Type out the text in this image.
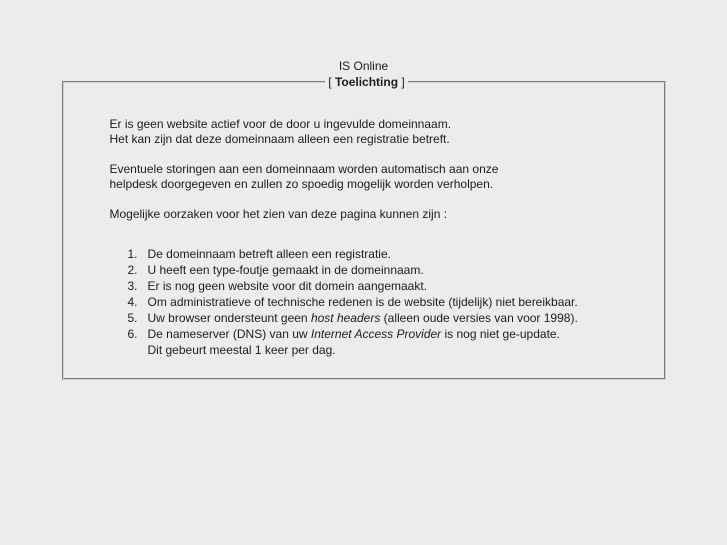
IS Online
[ Toelichting ]
Er is geen website actief voor de door u ingevulde domeinnaam.
Het kan zijn dat deze domeinnaam alleen een registratie betreft.
Eventuele storingen aan een domeinnaam worden automatisch aan onze
helpdesk doorgegeven en zullen zo spoedig mogelijk worden verholpen.
Mogelijke oorzaken voor het zien van deze pagina kunnen zijn :
1. De domeinnaam betreft alleen een registratie.
2. U heeft een type-foutje gemaakt in de domeinnaam.
3. Er is nog geen website voor dit domein aangemaakt.
4. Om administratieve of technische redenen is de website (tijdelijk) niet bereikbaar.
5. Uw browser ondersteunt geen host headers (alleen oude versies van voor 1998).
6. De nameserver (DNS) van uw Internet Access Provider is nog niet ge-update.
Dit gebeurt meestal 1 keer per dag.
